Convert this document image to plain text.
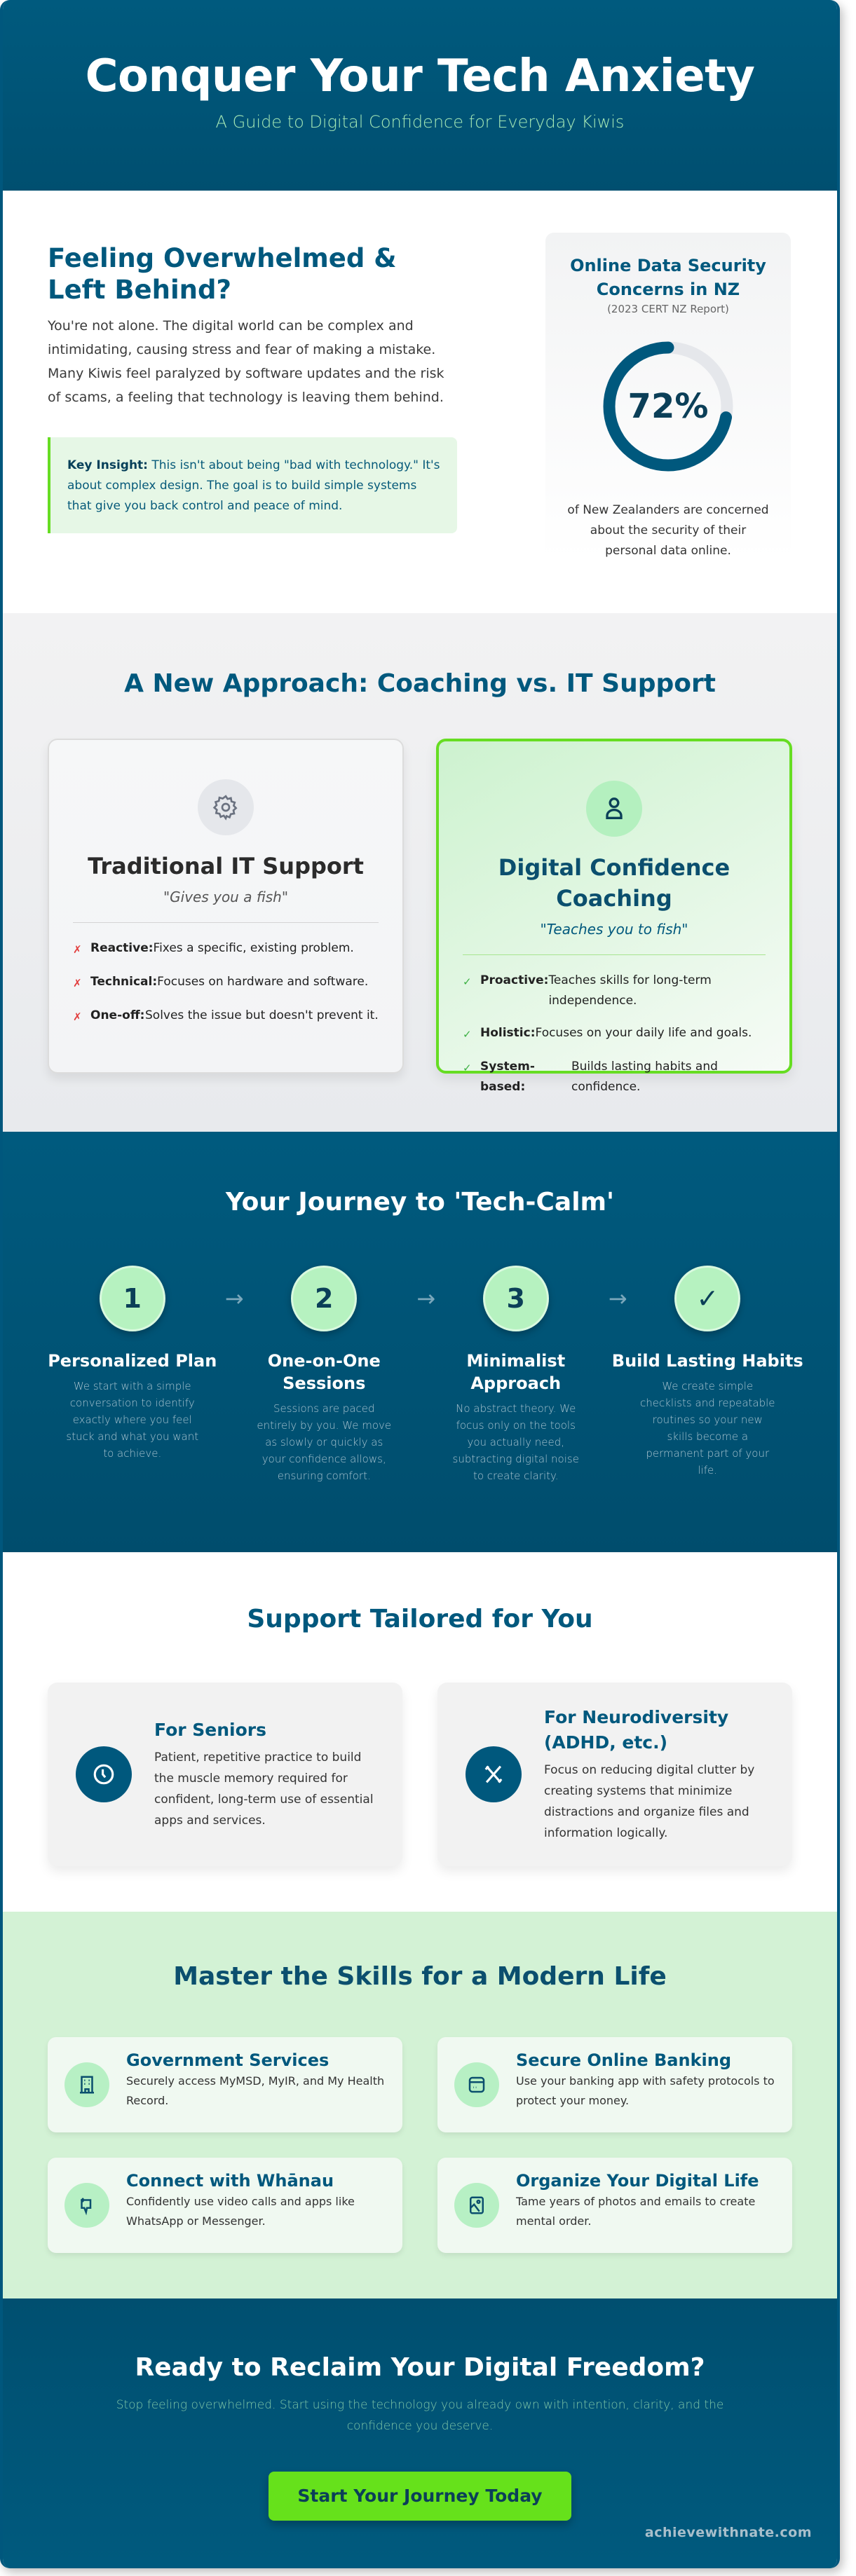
Conquer Your Tech Anxiety

A Guide to Digital Confidence for Everyday Kiwis

Feeling Overwhelmed & Left Behind?

You're not alone. The digital world can be complex and intimidating, causing stress and fear of making a mistake. Many Kiwis feel paralyzed by software updates and the risk of scams, a feeling that technology is leaving them behind.

Key Insight: This isn't about being "bad with technology." It's about complex design. The goal is to build simple systems that give you back control and peace of mind.
Online Data Security Concerns in NZ
(2023 CERT NZ Report)
72%

of New Zealanders are concerned about the security of their personal data online.

A New Approach: Coaching vs. IT Support
Traditional IT Support
"Gives you a fish"
✗ Reactive: Fixes a specific, existing problem.
✗ Technical: Focuses on hardware and software.
✗ One-off: Solves the issue but doesn't prevent it.
Digital Confidence Coaching
"Teaches you to fish"
✓ Proactive: Teaches skills for long-term independence.
✓ Holistic: Focuses on your daily life and goals.
✓ System-based:
Builds lasting habits and confidence.
Your Journey to 'Tech-Calm'
1	→
Personalized Plan

We start with a simple conversation to identify exactly where you feel stuck and what you want to achieve.

2	→
One-on-One Sessions

Sessions are paced entirely by you. We move as slowly or quickly as your confidence allows, ensuring comfort.

3	→
Minimalist Approach

No abstract theory. We focus only on the tools you actually need, subtracting digital noise to create clarity.

✓
Build Lasting Habits

We create simple checklists and repeatable routines so your new skills become a permanent part of your life.

Support Tailored for You
For Seniors

Patient, repetitive practice to build the muscle memory required for confident, long-term use of essential apps and services.

For Neurodiversity (ADHD, etc.)

Focus on reducing digital clutter by creating systems that minimize distractions and organize files and information logically.

Master the Skills for a Modern Life
Government Services

Securely access MyMSD, MyIR, and My Health Record.

Secure Online Banking

Use your banking app with safety protocols to protect your money.

Connect with Whānau

Confidently use video calls and apps like WhatsApp or Messenger.

Organize Your Digital Life

Tame years of photos and emails to create mental order.

Ready to Reclaim Your Digital Freedom?

Stop feeling overwhelmed. Start using the technology you already own with intention, clarity, and the confidence you deserve.

Start Your Journey Today
achievewithnate.com
